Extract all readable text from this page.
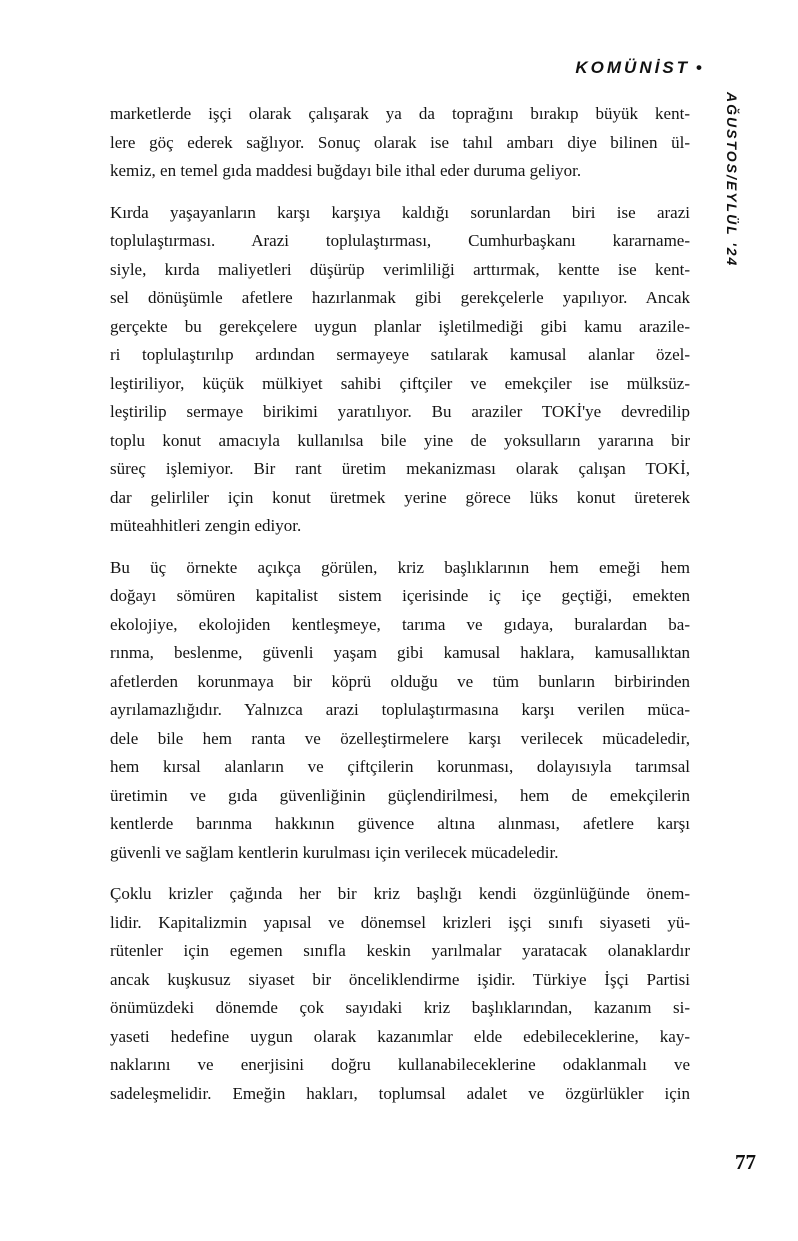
KOMÜNİST •
AĞUSTOS/EYLÜL '24
marketlerde işçi olarak çalışarak ya da toprağını bırakıp büyük kent-
lere göç ederek sağlıyor. Sonuç olarak ise tahıl ambarı diye bilinen ül-
kemiz, en temel gıda maddesi buğdayı bile ithal eder duruma geliyor.
Kırda yaşayanların karşı karşıya kaldığı sorunlardan biri ise arazi
toplulaştırması. Arazi toplulaştırması, Cumhurbaşkanı kararname-
siyle, kırda maliyetleri düşürüp verimliliği arttırmak, kentte ise kent-
sel dönüşümle afetlere hazırlanmak gibi gerekçelerle yapılıyor. Ancak
gerçekte bu gerekçelere uygun planlar işletilmediği gibi kamu arazile-
ri toplulaştırılıp ardından sermayeye satılarak kamusal alanlar özel-
leştiriliyor, küçük mülkiyet sahibi çiftçiler ve emekçiler ise mülksüz-
leştirilip sermaye birikimi yaratılıyor. Bu araziler TOKİ'ye devredilip
toplu konut amacıyla kullanılsa bile yine de yoksulların yararına bir
süreç işlemiyor. Bir rant üretim mekanizması olarak çalışan TOKİ,
dar gelirliler için konut üretmek yerine görece lüks konut üreterek
müteahhitleri zengin ediyor.
Bu üç örnekte açıkça görülen, kriz başlıklarının hem emeği hem
doğayı sömüren kapitalist sistem içerisinde iç içe geçtiği, emekten
ekolojiye, ekolojiden kentleşmeye, tarıma ve gıdaya, buralardan ba-
rınma, beslenme, güvenli yaşam gibi kamusal haklara, kamusallıktan
afetlerden korunmaya bir köprü olduğu ve tüm bunların birbirinden
ayrılamazlığıdır. Yalnızca arazi toplulaştırmasına karşı verilen müca-
dele bile hem ranta ve özelleştirmelere karşı verilecek mücadeledir,
hem kırsal alanların ve çiftçilerin korunması, dolayısıyla tarımsal
üretimin ve gıda güvenliğinin güçlendirilmesi, hem de emekçilerin
kentlerde barınma hakkının güvence altına alınması, afetlere karşı
güvenli ve sağlam kentlerin kurulması için verilecek mücadeledir.
Çoklu krizler çağında her bir kriz başlığı kendi özgünlüğünde önem-
lidir. Kapitalizmin yapısal ve dönemsel krizleri işçi sınıfı siyaseti yü-
rütenler için egemen sınıfla keskin yarılmalar yaratacak olanaklardır
ancak kuşkusuz siyaset bir önceliklendirme işidir. Türkiye İşçi Partisi
önümüzdeki dönemde çok sayıdaki kriz başlıklarından, kazanım si-
yaseti hedefine uygun olarak kazanımlar elde edebileceklerine, kay-
naklarını ve enerjisini doğru kullanabileceklerine odaklanmalı ve
sadeleşmelidir. Emeğin hakları, toplumsal adalet ve özgürlükler için
77
